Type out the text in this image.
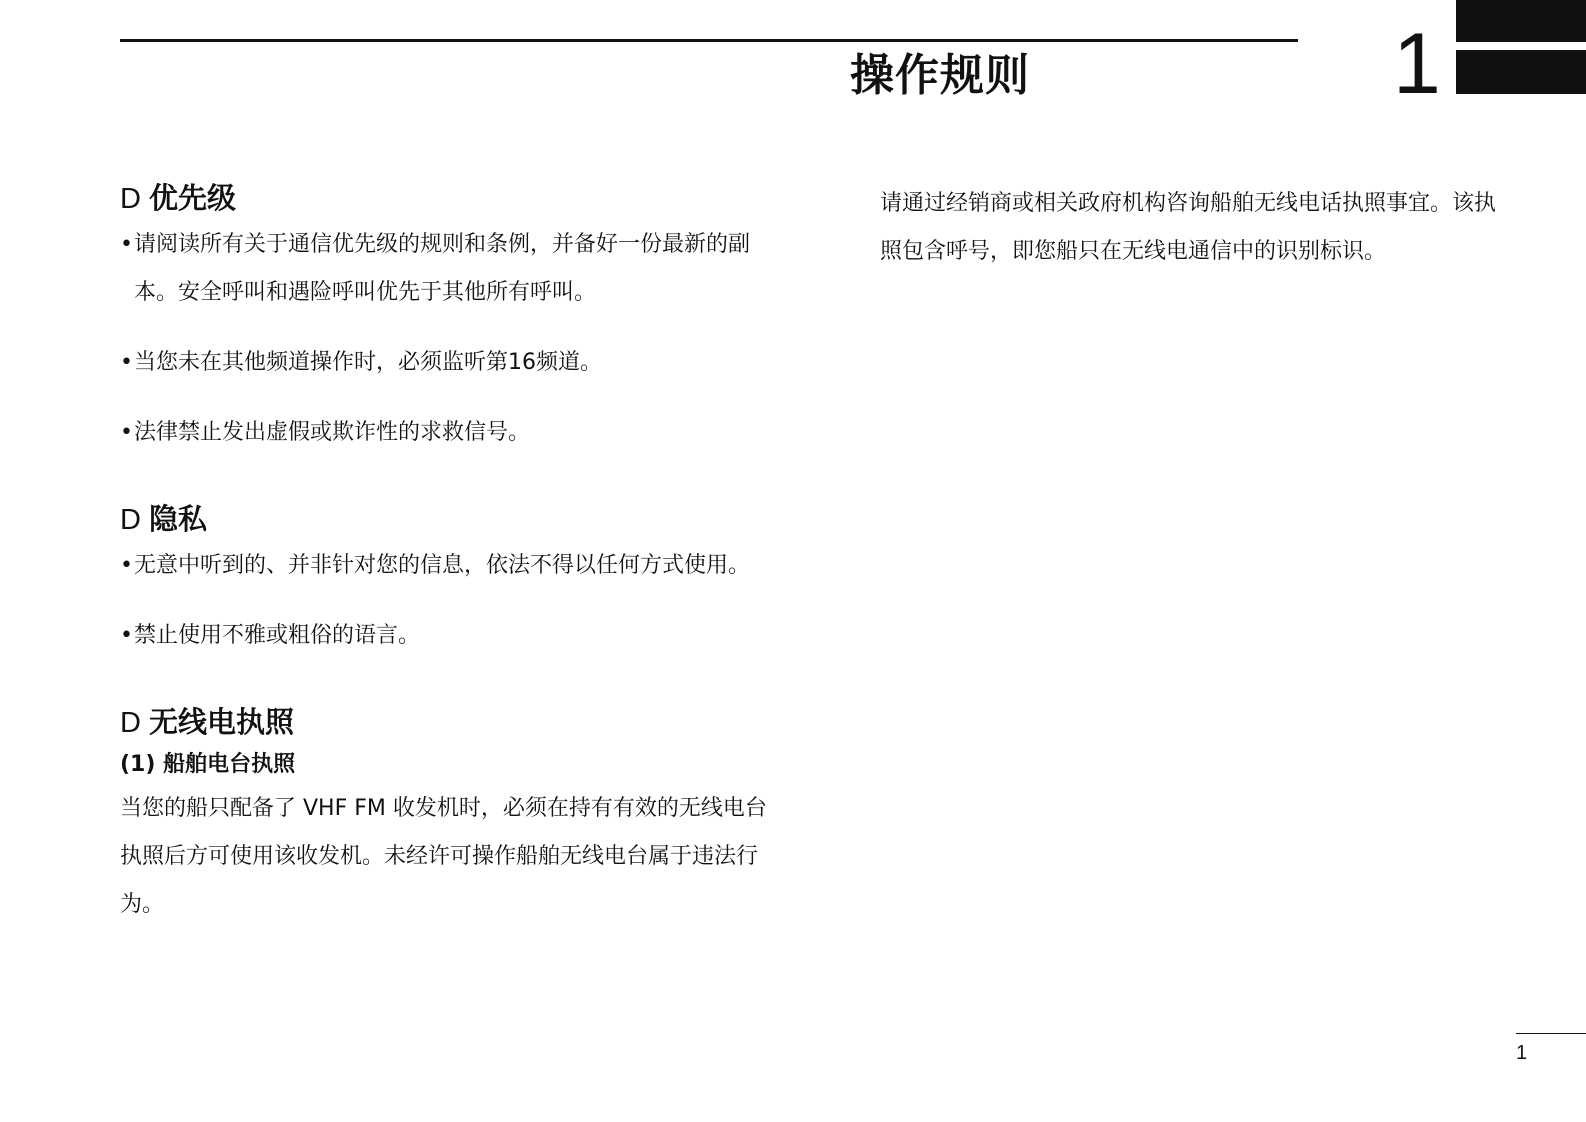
操作规则	1
D 优先级

• 请阅读所有关于通信优先级的规则和条例，并备好一份最新的副本。安全呼叫和遇险呼叫优先于其他所有呼叫。

• 当您未在其他频道操作时，必须监听第16频道。

• 法律禁止发出虚假或欺诈性的求救信号。

D 隐私

• 无意中听到的、并非针对您的信息，依法不得以任何方式使用。

• 禁止使用不雅或粗俗的语言。

D 无线电执照

(1) 船舶电台执照

当您的船只配备了 VHF FM 收发机时，必须在持有有效的无线电台执照后方可使用该收发机。未经许可操作船舶无线电台属于违法行为。

请通过经销商或相关政府机构咨询船舶无线电话执照事宜。该执
照包含呼号，即您船只在无线电通信中的识别标识。

1
